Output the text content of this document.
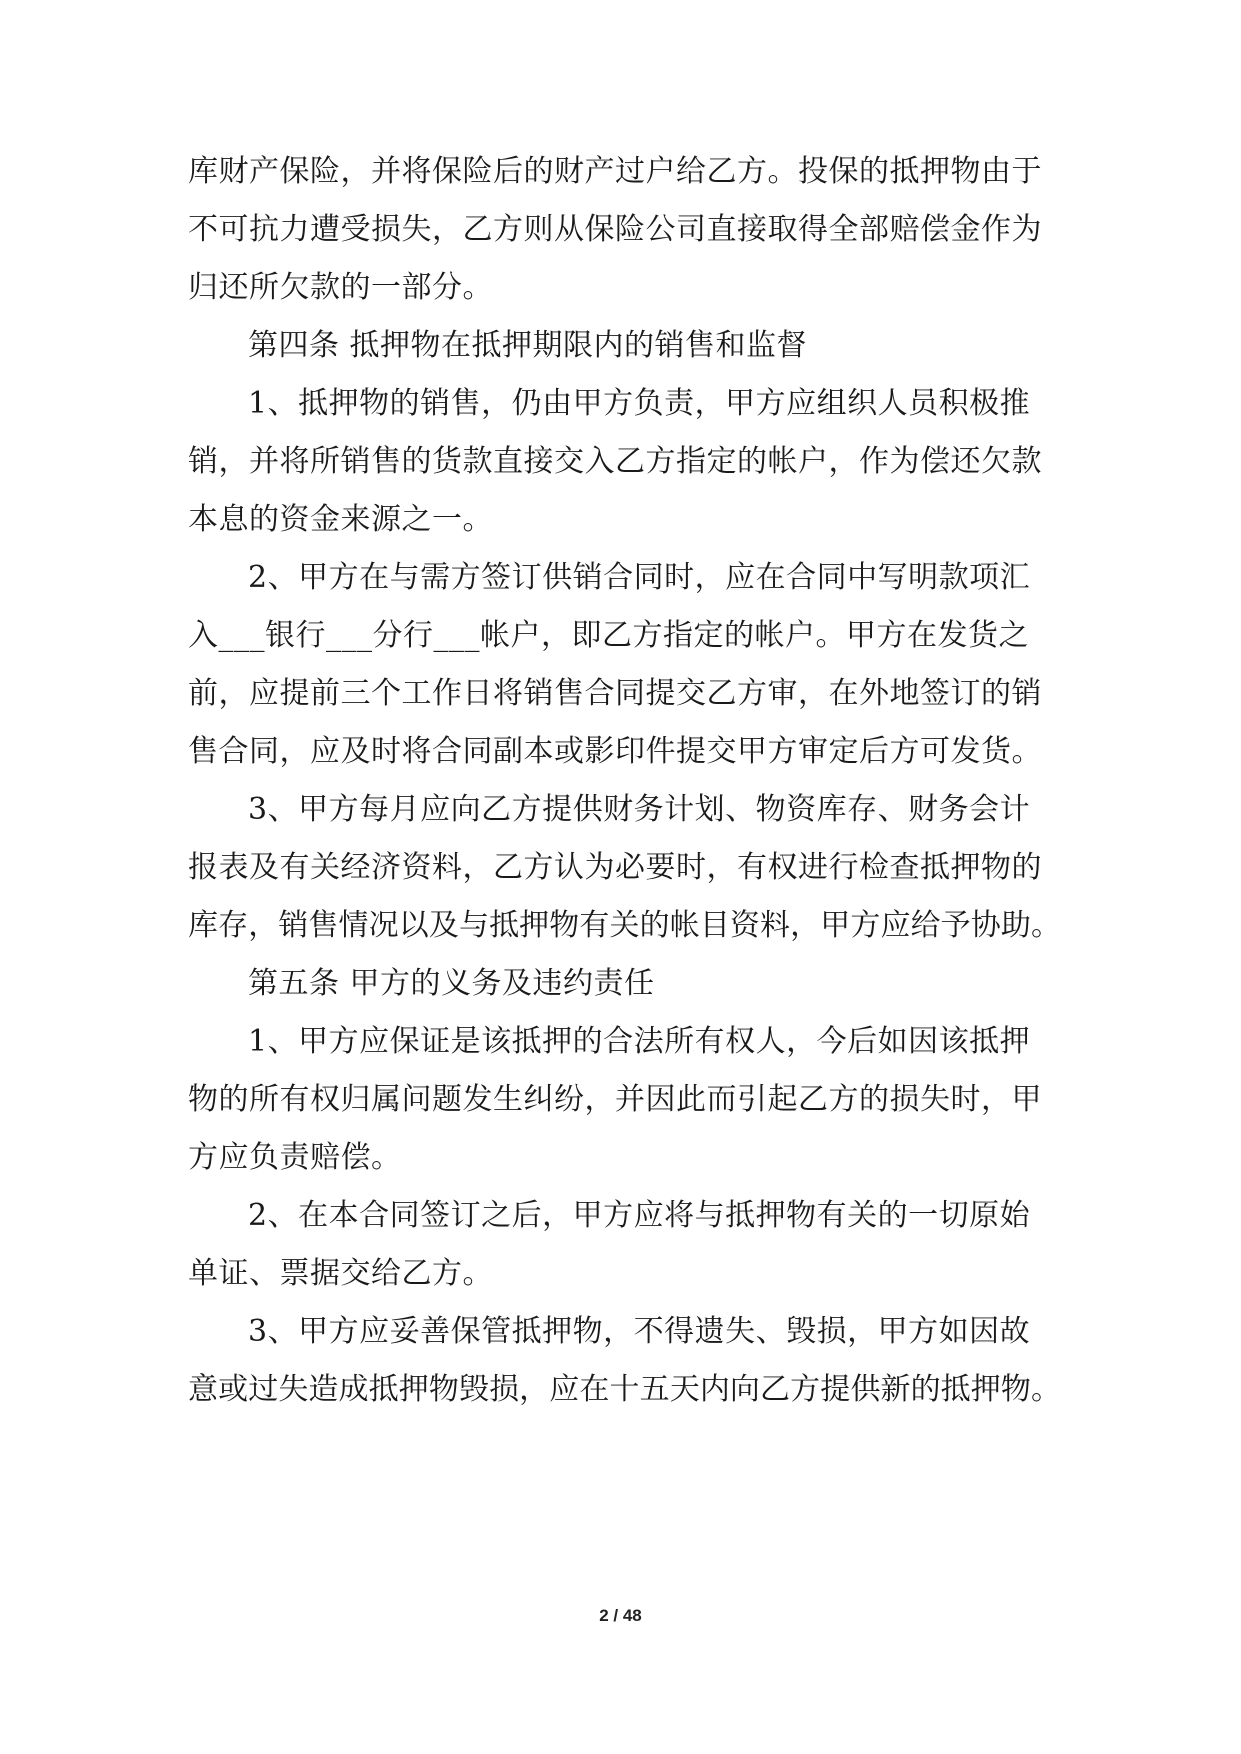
库财产保险，并将保险后的财产过户给乙方。投保的抵押物由于
不可抗力遭受损失，乙方则从保险公司直接取得全部赔偿金作为
归还所欠款的一部分。
第四条 抵押物在抵押期限内的销售和监督
1、抵押物的销售，仍由甲方负责，甲方应组织人员积极推
销，并将所销售的货款直接交入乙方指定的帐户，作为偿还欠款
本息的资金来源之一。
2、甲方在与需方签订供销合同时，应在合同中写明款项汇
入___银行___分行___帐户，即乙方指定的帐户。甲方在发货之
前，应提前三个工作日将销售合同提交乙方审，在外地签订的销
售合同，应及时将合同副本或影印件提交甲方审定后方可发货。
3、甲方每月应向乙方提供财务计划、物资库存、财务会计
报表及有关经济资料，乙方认为必要时，有权进行检查抵押物的
库存，销售情况以及与抵押物有关的帐目资料，甲方应给予协助。
第五条 甲方的义务及违约责任
1、甲方应保证是该抵押的合法所有权人，今后如因该抵押
物的所有权归属问题发生纠纷，并因此而引起乙方的损失时，甲
方应负责赔偿。
2、在本合同签订之后，甲方应将与抵押物有关的一切原始
单证、票据交给乙方。
3、甲方应妥善保管抵押物，不得遗失、毁损，甲方如因故
意或过失造成抵押物毁损，应在十五天内向乙方提供新的抵押物。
2 / 48
